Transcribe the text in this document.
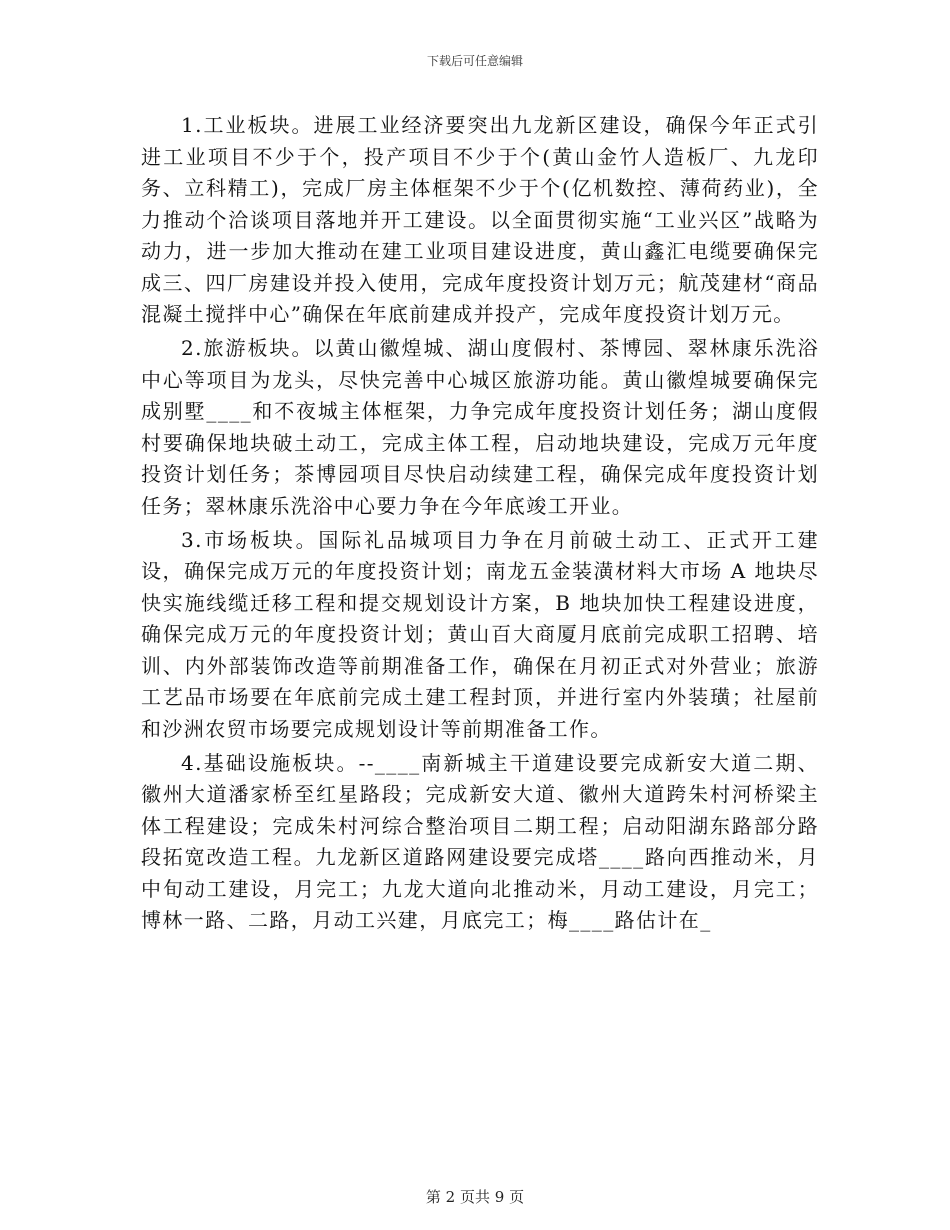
下载后可任意编辑

1.工业板块。进展工业经济要突出九龙新区建设，确保今年正式引进工业项目不少于个，投产项目不少于个(黄山金竹人造板厂、九龙印务、立科精工)，完成厂房主体框架不少于个(亿机数控、薄荷药业)，全力推动个洽谈项目落地并开工建设。以全面贯彻实施“工业兴区”战略为动力，进一步加大推动在建工业项目建设进度，黄山鑫汇电缆要确保完成三、四厂房建设并投入使用，完成年度投资计划万元；航茂建材“商品混凝土搅拌中心”确保在年底前建成并投产，完成年度投资计划万元。

2.旅游板块。以黄山徽煌城、湖山度假村、茶博园、翠林康乐洗浴中心等项目为龙头，尽快完善中心城区旅游功能。黄山徽煌城要确保完成别墅____和不夜城主体框架，力争完成年度投资计划任务；湖山度假村要确保地块破土动工，完成主体工程，启动地块建设，完成万元年度投资计划任务；茶博园项目尽快启动续建工程，确保完成年度投资计划任务；翠林康乐洗浴中心要力争在今年底竣工开业。

3.市场板块。国际礼品城项目力争在月前破土动工、正式开工建设，确保完成万元的年度投资计划；南龙五金装潢材料大市场 A 地块尽快实施线缆迁移工程和提交规划设计方案，B 地块加快工程建设进度，确保完成万元的年度投资计划；黄山百大商厦月底前完成职工招聘、培训、内外部装饰改造等前期准备工作，确保在月初正式对外营业；旅游工艺品市场要在年底前完成土建工程封顶，并进行室内外装璜；社屋前和沙洲农贸市场要完成规划设计等前期准备工作。

4.基础设施板块。--____南新城主干道建设要完成新安大道二期、徽州大道潘家桥至红星路段；完成新安大道、徽州大道跨朱村河桥梁主体工程建设；完成朱村河综合整治项目二期工程；启动阳湖东路部分路段拓宽改造工程。九龙新区道路网建设要完成塔____路向西推动米，月中旬动工建设，月完工；九龙大道向北推动米，月动工建设，月完工；博林一路、二路，月动工兴建，月底完工；梅____路估计在_

第 2 页共 9 页
